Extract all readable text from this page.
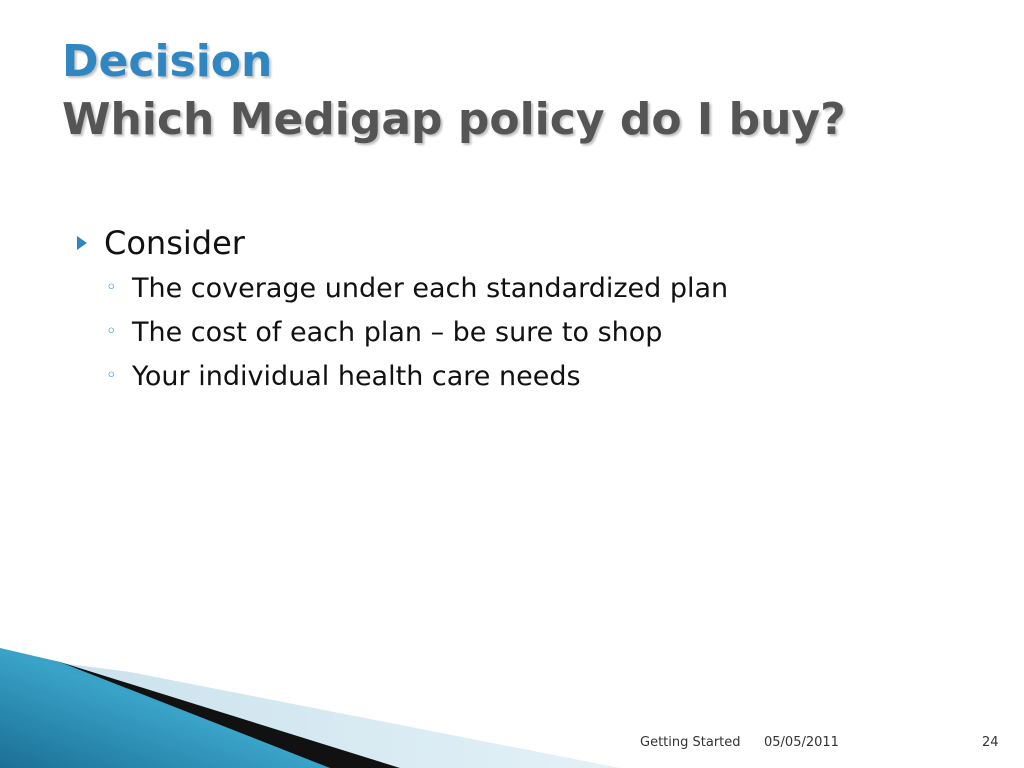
Decision
Which Medigap policy do I buy?
Consider
◦ The coverage under each standardized plan
◦ The cost of each plan – be sure to shop
◦ Your individual health care needs
Getting Started 05/05/2011	24
